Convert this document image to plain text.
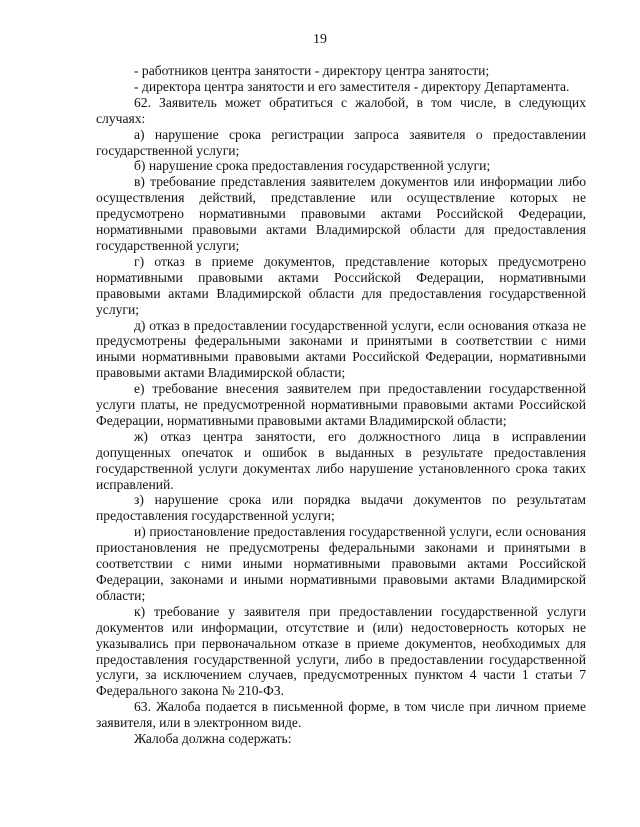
19

- работников центра занятости - директору центра занятости;

- директора центра занятости и его заместителя - директору Департамента.

62. Заявитель может обратиться с жалобой, в том числе, в следующих случаях:

а) нарушение срока регистрации запроса заявителя о предоставлении государственной услуги;

б) нарушение срока предоставления государственной услуги;

в) требование представления заявителем документов или информации либо осуществления действий, представление или осуществление которых не предусмотрено нормативными правовыми актами Российской Федерации, нормативными правовыми актами Владимирской области для предоставления государственной услуги;

г) отказ в приеме документов, представление которых предусмотрено нормативными правовыми актами Российской Федерации, нормативными правовыми актами Владимирской области для предоставления государственной услуги;

д) отказ в предоставлении государственной услуги, если основания отказа не предусмотрены федеральными законами и принятыми в соответствии с ними иными нормативными правовыми актами Российской Федерации, нормативными правовыми актами Владимирской области;

е) требование внесения заявителем при предоставлении государственной услуги платы, не предусмотренной нормативными правовыми актами Российской Федерации, нормативными правовыми актами Владимирской области;

ж) отказ центра занятости, его должностного лица в исправлении допущенных опечаток и ошибок в выданных в результате предоставления государственной услуги документах либо нарушение установленного срока таких исправлений.

з) нарушение срока или порядка выдачи документов по результатам предоставления государственной услуги;

и) приостановление предоставления государственной услуги, если основания приостановления не предусмотрены федеральными законами и принятыми в соответствии с ними иными нормативными правовыми актами Российской Федерации, законами и иными нормативными правовыми актами Владимирской области;

к) требование у заявителя при предоставлении государственной услуги документов или информации, отсутствие и (или) недостоверность которых не указывались при первоначальном отказе в приеме документов, необходимых для предоставления государственной услуги, либо в предоставлении государственной услуги, за исключением случаев, предусмотренных пунктом 4 части 1 статьи 7 Федерального закона № 210-ФЗ.

63. Жалоба подается в письменной форме, в том числе при личном приеме заявителя, или в электронном виде.

Жалоба должна содержать:
